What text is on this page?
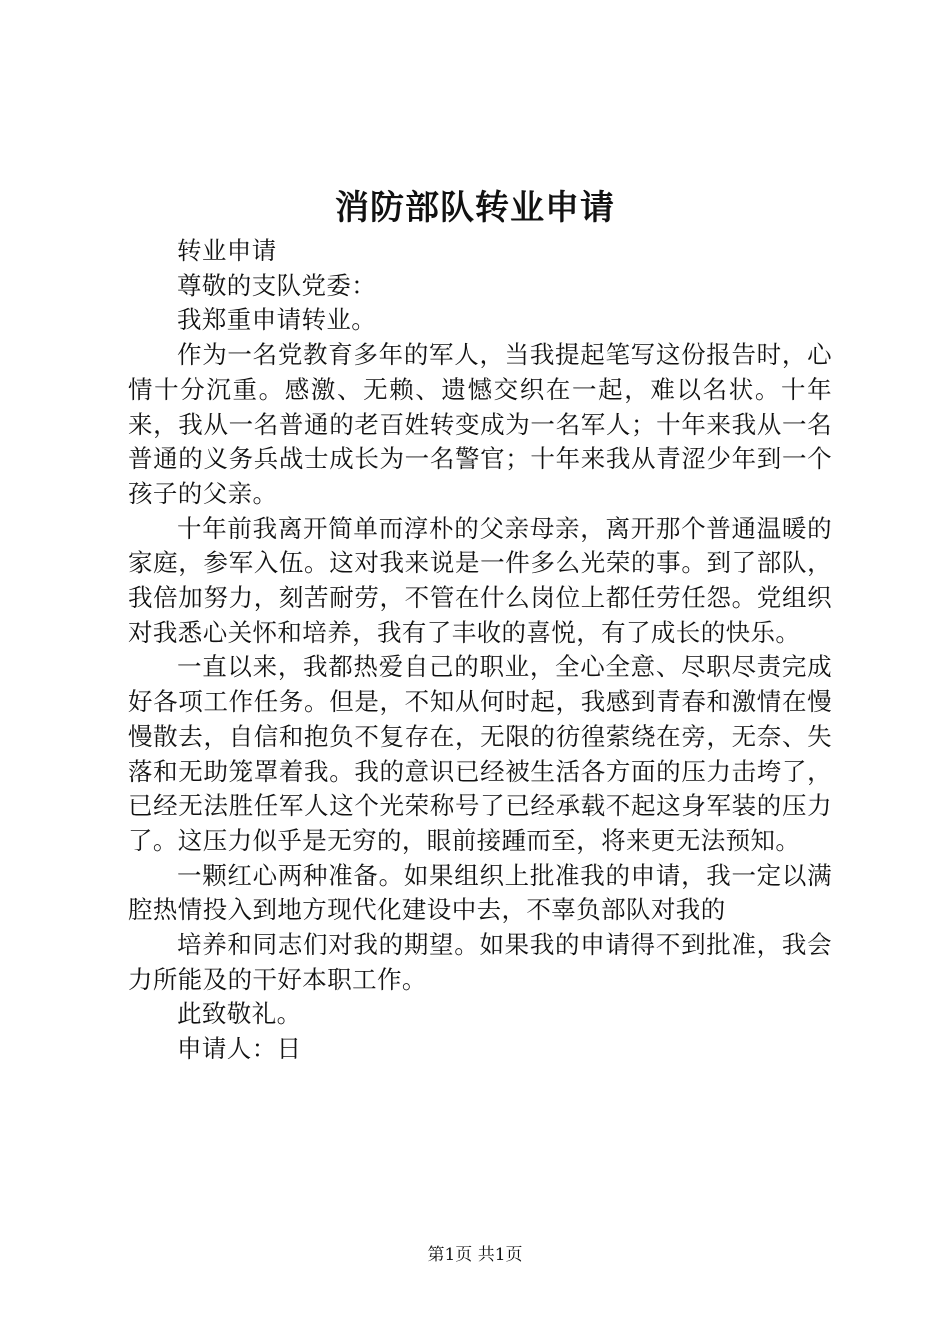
消防部队转业申请

转业申请

尊敬的支队党委：

我郑重申请转业。

作为一名党教育多年的军人，当我提起笔写这份报告时，心情十分沉重。感激、无赖、遗憾交织在一起，难以名状。十年来，我从一名普通的老百姓转变成为一名军人；十年来我从一名普通的义务兵战士成长为一名警官；十年来我从青涩少年到一个孩子的父亲。

十年前我离开简单而淳朴的父亲母亲，离开那个普通温暖的家庭，参军入伍。这对我来说是一件多么光荣的事。到了部队，我倍加努力，刻苦耐劳，不管在什么岗位上都任劳任怨。党组织对我悉心关怀和培养，我有了丰收的喜悦，有了成长的快乐。

一直以来，我都热爱自己的职业，全心全意、尽职尽责完成好各项工作任务。但是，不知从何时起，我感到青春和激情在慢慢散去，自信和抱负不复存在，无限的彷徨萦绕在旁，无奈、失落和无助笼罩着我。我的意识已经被生活各方面的压力击垮了，已经无法胜任军人这个光荣称号了已经承载不起这身军装的压力了。这压力似乎是无穷的，眼前接踵而至，将来更无法预知。

一颗红心两种准备。如果组织上批准我的申请，我一定以满腔热情投入到地方现代化建设中去，不辜负部队对我的

培养和同志们对我的期望。如果我的申请得不到批准，我会力所能及的干好本职工作。

此致敬礼。

申请人：日

第1页 共1页
